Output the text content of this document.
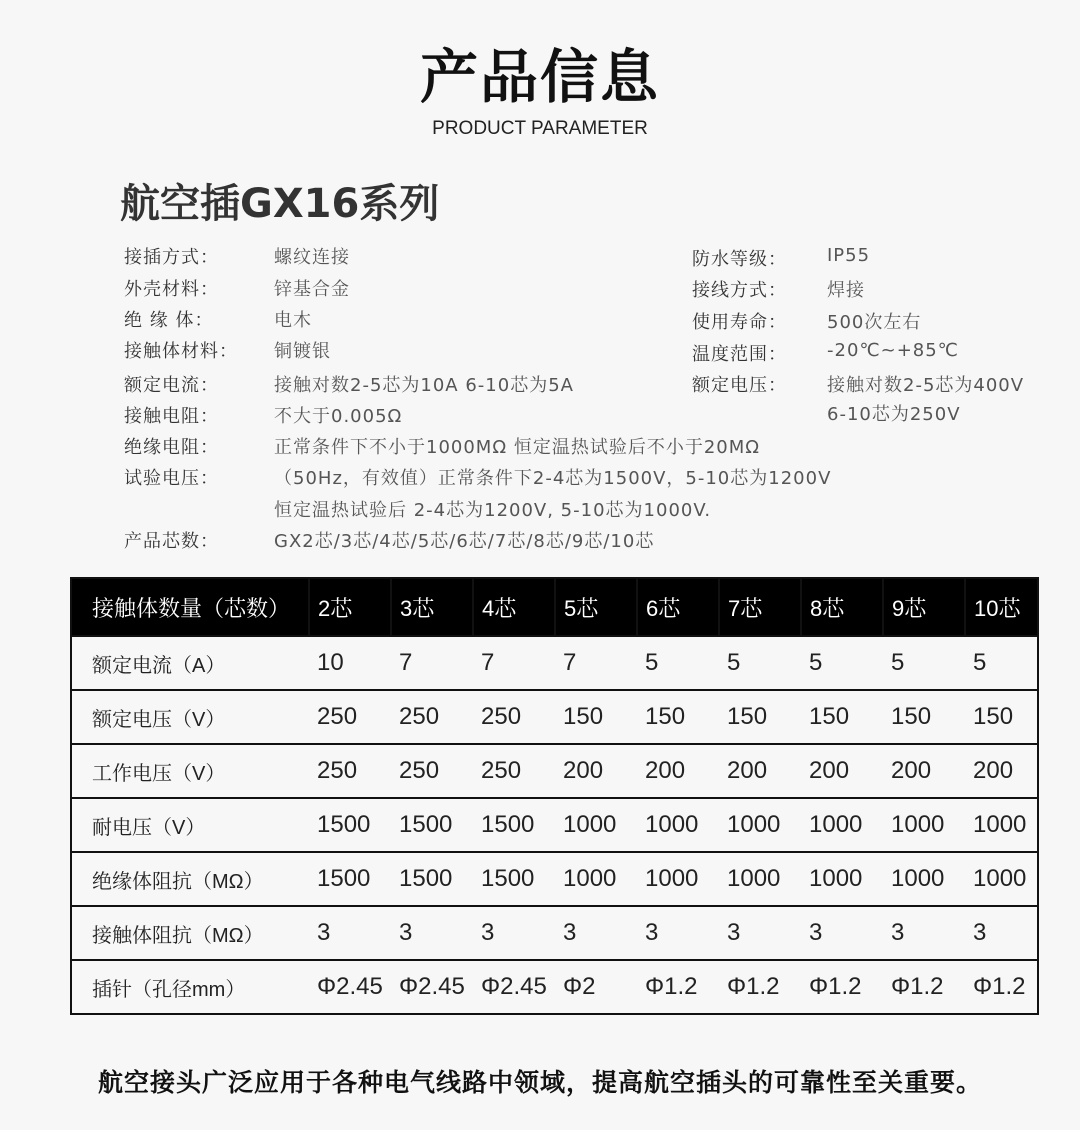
产品信息
PRODUCT PARAMETER
航空插GX16系列
接插方式：	螺纹连接
外壳材料：	锌基合金
绝 缘 体：	电木
接触体材料： 铜镀银
额定电流：	接触对数2-5芯为10A 6-10芯为5A
接触电阻：	不大于0.005Ω
绝缘电阻：	正常条件下不小于1000MΩ 恒定温热试验后不小于20MΩ
试验电压：	（50Hz，有效值）正常条件下2-4芯为1500V，5-10芯为1200V
恒定温热试验后 2-4芯为1200V, 5-10芯为1000V.
产品芯数：	GX2芯/3芯/4芯/5芯/6芯/7芯/8芯/9芯/10芯
防水等级： IP55
接线方式： 焊接
使用寿命： 500次左右
温度范围： -20℃~+85℃
额定电压： 接触对数2-5芯为400V
6-10芯为250V
接触体数量（芯数）	2芯	3芯	4芯	5芯	6芯	7芯	8芯	9芯	10芯
额定电流（A）	10	7	7	7	5	5	5	5	5
额定电压（V）	250	250	250	150	150	150	150	150	150
工作电压（V）	250	250	250	200	200	200	200	200	200
耐电压（V）	1500	1500	1500	1000	1000	1000	1000	1000	1000
绝缘体阻抗（MΩ）	1500	1500	1500	1000	1000	1000	1000	1000	1000
接触体阻抗（MΩ）	3	3	3	3	3	3	3	3	3
插针（孔径mm）	Φ2.45	Φ2.45	Φ2.45	Φ2	Φ1.2	Φ1.2	Φ1.2	Φ1.2	Φ1.2
航空接头广泛应用于各种电气线路中领域，提高航空插头的可靠性至关重要。
